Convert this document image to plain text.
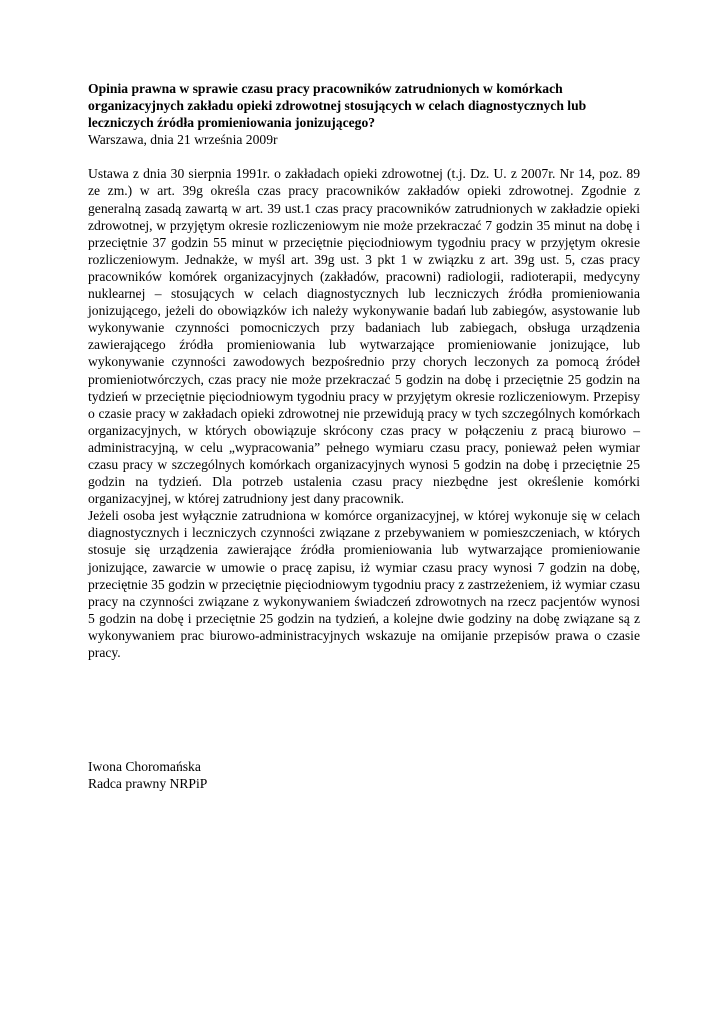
Opinia prawna w sprawie czasu pracy pracowników zatrudnionych w komórkach organizacyjnych zakładu opieki zdrowotnej stosujących w celach diagnostycznych lub leczniczych źródła promieniowania jonizującego?

Warszawa, dnia 21 września 2009r

Ustawa z dnia 30 sierpnia 1991r. o zakładach opieki zdrowotnej (t.j. Dz. U. z 2007r. Nr 14, poz. 89 ze zm.) w art. 39g określa czas pracy pracowników zakładów opieki zdrowotnej. Zgodnie z generalną zasadą zawartą w art. 39 ust.1 czas pracy pracowników zatrudnionych w zakładzie opieki zdrowotnej, w przyjętym okresie rozliczeniowym nie może przekraczać 7 godzin 35 minut na dobę i przeciętnie 37 godzin 55 minut w przeciętnie pięciodniowym tygodniu pracy w przyjętym okresie rozliczeniowym. Jednakże, w myśl art. 39g ust. 3 pkt 1 w związku z art. 39g ust. 5, czas pracy pracowników komórek organizacyjnych (zakładów, pracowni) radiologii, radioterapii, medycyny nuklearnej – stosujących w celach diagnostycznych lub leczniczych źródła promieniowania jonizującego, jeżeli do obowiązków ich należy wykonywanie badań lub zabiegów, asystowanie lub wykonywanie czynności pomocniczych przy badaniach lub zabiegach, obsługa urządzenia zawierającego źródła promieniowania lub wytwarzające promieniowanie jonizujące, lub wykonywanie czynności zawodowych bezpośrednio przy chorych leczonych za pomocą źródeł promieniotwórczych, czas pracy nie może przekraczać 5 godzin na dobę i przeciętnie 25 godzin na tydzień w przeciętnie pięciodniowym tygodniu pracy w przyjętym okresie rozliczeniowym. Przepisy o czasie pracy w zakładach opieki zdrowotnej nie przewidują pracy w tych szczególnych komórkach organizacyjnych, w których obowiązuje skrócony czas pracy w połączeniu z pracą biurowo – administracyjną, w celu „wypracowania” pełnego wymiaru czasu pracy, ponieważ pełen wymiar czasu pracy w szczególnych komórkach organizacyjnych wynosi 5 godzin na dobę i przeciętnie 25 godzin na tydzień. Dla potrzeb ustalenia czasu pracy niezbędne jest określenie komórki organizacyjnej, w której zatrudniony jest dany pracownik.

Jeżeli osoba jest wyłącznie zatrudniona w komórce organizacyjnej, w której wykonuje się w celach diagnostycznych i leczniczych czynności związane z przebywaniem w pomieszczeniach, w których stosuje się urządzenia zawierające źródła promieniowania lub wytwarzające promieniowanie jonizujące, zawarcie w umowie o pracę zapisu, iż wymiar czasu pracy wynosi 7 godzin na dobę, przeciętnie 35 godzin w przeciętnie pięciodniowym tygodniu pracy z zastrzeżeniem, iż wymiar czasu pracy na czynności związane z wykonywaniem świadczeń zdrowotnych na rzecz pacjentów wynosi 5 godzin na dobę i przeciętnie 25 godzin na tydzień, a kolejne dwie godziny na dobę związane są z wykonywaniem prac biurowo-administracyjnych wskazuje na omijanie przepisów prawa o czasie pracy.

Iwona Choromańska
Radca prawny NRPiP
